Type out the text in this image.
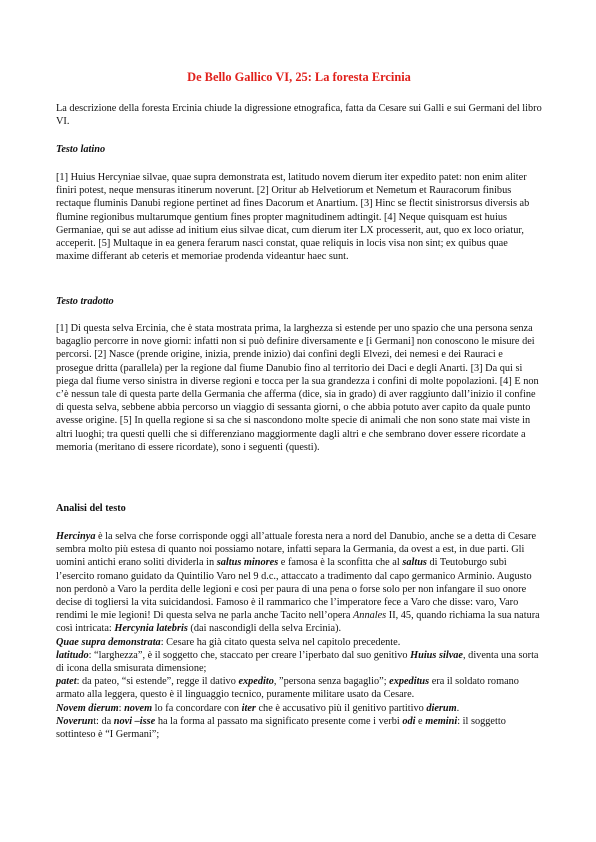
De Bello Gallico VI, 25: La foresta Ercinia

La descrizione della foresta Ercinia chiude la digressione etnografica, fatta da Cesare sui Galli e sui Germani del libro VI.

Testo latino

[1] Huius Hercyniae silvae, quae supra demonstrata est, latitudo novem dierum iter expedito patet: non enim aliter finiri potest, neque mensuras itinerum noverunt. [2] Oritur ab Helvetiorum et Nemetum et Rauracorum finibus rectaque fluminis Danubi regione pertinet ad fines Dacorum et Anartium. [3] Hinc se flectit sinistrorsus diversis ab flumine regionibus multarumque gentium fines propter magnitudinem adtingit. [4] Neque quisquam est huius Germaniae, qui se aut adisse ad initium eius silvae dicat, cum dierum iter LX processerit, aut, quo ex loco oriatur, acceperit. [5] Multaque in ea genera ferarum nasci constat, quae reliquis in locis visa non sint; ex quibus quae maxime differant ab ceteris et memoriae prodenda videantur haec sunt.

Testo tradotto

[1] Di questa selva Ercinia, che è stata mostrata prima, la larghezza si estende per uno spazio che una persona senza bagaglio percorre in nove giorni: infatti non si può definire diversamente e [i Germani] non conoscono le misure dei percorsi. [2] Nasce (prende origine, inizia, prende inizio) dai confini degli Elvezi, dei nemesi e dei Rauraci e prosegue dritta (parallela) per la regione dal fiume Danubio fino al territorio dei Daci e degli Anarti. [3] Da qui si piega dal fiume verso sinistra in diverse regioni e tocca per la sua grandezza i confini di molte popolazioni. [4] E non c’è nessun tale di questa parte della Germania che afferma (dice, sia in grado) di aver raggiunto dall’inizio il confine di questa selva, sebbene abbia percorso un viaggio di sessanta giorni, o che abbia potuto aver capito da quale punto avesse origine. [5] In quella regione si sa che si nascondono molte specie di animali che non sono state mai viste in altri luoghi; tra questi quelli che si differenziano maggiormente dagli altri e che sembrano dover essere ricordate a memoria (meritano di essere ricordate), sono i seguenti (questi).

Analisi del testo

Hercinya è la selva che forse corrisponde oggi all’attuale foresta nera a nord del Danubio, anche se a detta di Cesare sembra molto più estesa di quanto noi possiamo notare, infatti separa la Germania, da ovest a est, in due parti. Gli uomini antichi erano soliti dividerla in saltus minores e famosa è la sconfitta che al saltus di Teutoburgo subì l’esercito romano guidato da Quintilio Varo nel 9 d.c., attaccato a tradimento dal capo germanico Arminio. Augusto non perdonò a Varo la perdita delle legioni e così per paura di una pena o forse solo per non infangare il suo onore decise di togliersi la vita suicidandosi. Famoso è il rammarico che l’imperatore fece a Varo che disse: varo, Varo rendimi le mie legioni! Di questa selva ne parla anche Tacito nell’opera Annales II, 45, quando richiama la sua natura così intricata: Hercynia latebris (dai nascondigli della selva Ercinia).

Quae supra demonstrata: Cesare ha già citato questa selva nel capitolo precedente.

latitudo: “larghezza”, è il soggetto che, staccato per creare l’iperbato dal suo genitivo Huius silvae, diventa una sorta di icona della smisurata dimensione;

patet: da pateo, “si estende”, regge il dativo expedito, ”persona senza bagaglio”; expeditus era il soldato romano armato alla leggera, questo è il linguaggio tecnico, puramente militare usato da Cesare.

Novem dierum: novem lo fa concordare con iter che è accusativo più il genitivo partitivo dierum.

Noverunt: da novi –isse ha la forma al passato ma significato presente come i verbi odi e memini: il soggetto sottinteso è “I Germani”;
